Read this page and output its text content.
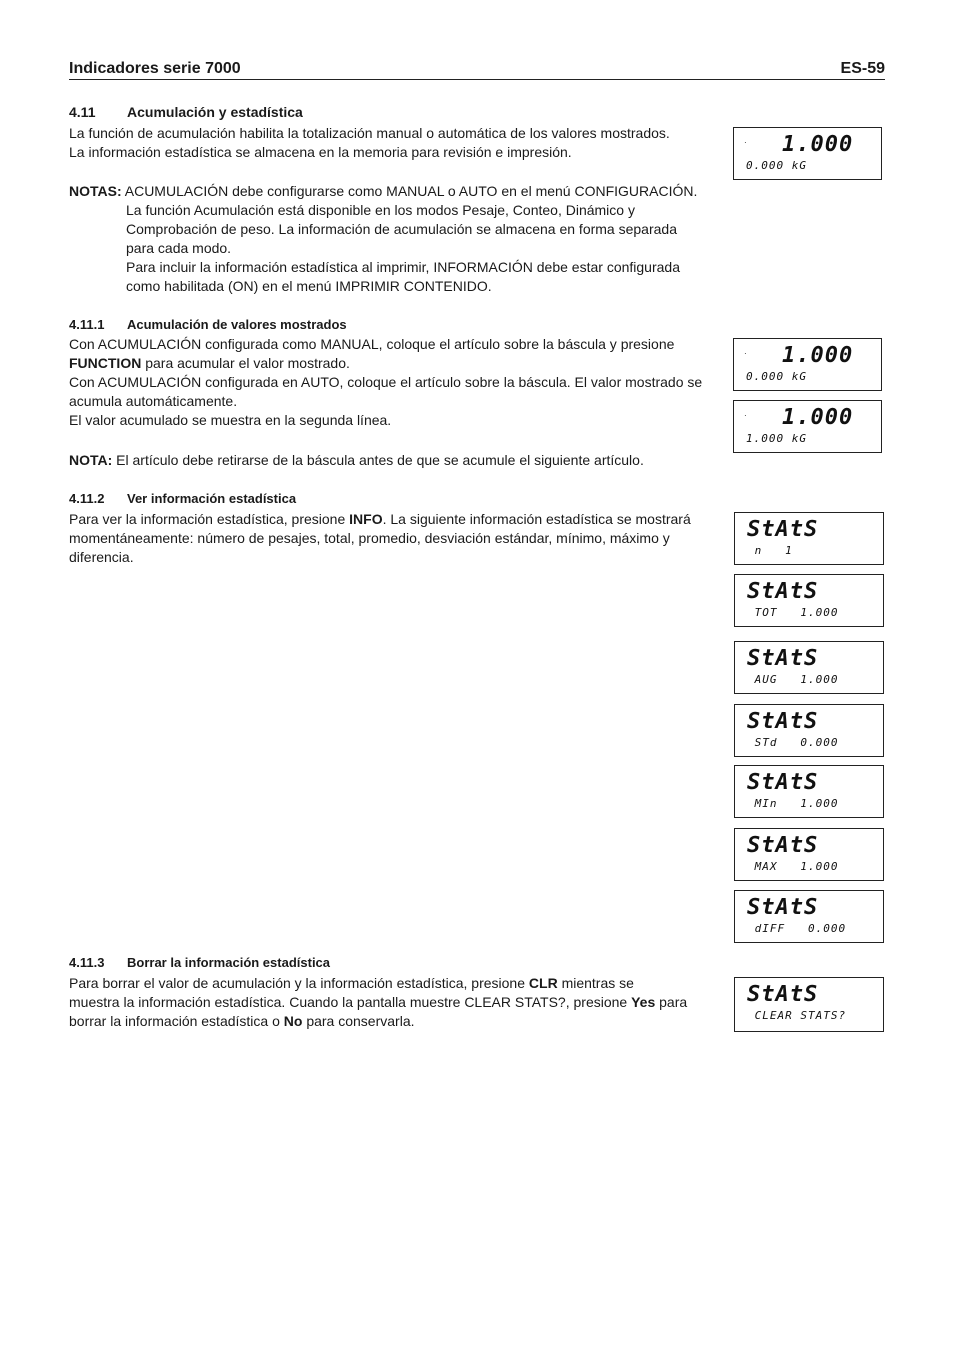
Indicadores serie 7000	ES-59
4.11 Acumulación y estadística
La función de acumulación habilita la totalización manual o automática de los valores mostrados.
La información estadística se almacena en la memoria para revisión e impresión.
NOTAS: ACUMULACIÓN debe configurarse como MANUAL o AUTO en el menú CONFIGURACIÓN.
La función Acumulación está disponible en los modos Pesaje, Conteo, Dinámico y
Comprobación de peso. La información de acumulación se almacena en forma separada
para cada modo.
Para incluir la información estadística al imprimir, INFORMACIÓN debe estar configurada
como habilitada (ON) en el menú IMPRIMIR CONTENIDO.
4.11.1 Acumulación de valores mostrados
Con ACUMULACIÓN configurada como MANUAL, coloque el artículo sobre la báscula y presione
FUNCTION para acumular el valor mostrado.
Con ACUMULACIÓN configurada en AUTO, coloque el artículo sobre la báscula. El valor mostrado se
acumula automáticamente.
El valor acumulado se muestra en la segunda línea.
NOTA: El artículo debe retirarse de la báscula antes de que se acumule el siguiente artículo.
4.11.2 Ver información estadística
Para ver la información estadística, presione INFO. La siguiente información estadística se mostrará
momentáneamente: número de pesajes, total, promedio, desviación estándar, mínimo, máximo y
diferencia.
4.11.3 Borrar la información estadística
Para borrar el valor de acumulación y la información estadística, presione CLR mientras se
muestra la información estadística. Cuando la pantalla muestre CLEAR STATS?, presione Yes para
borrar la información estadística o No para conservarla.
· 1.000
0.000 kG
· 1.000
0.000 kG
· 1.000
1.000 kG
StAtS
n   1
StAtS
TOT   1.000
StAtS
AUG   1.000
StAtS
STd   0.000
StAtS
MIn   1.000
StAtS
MAX   1.000
StAtS
dIFF   0.000
StAtS
CLEAR STATS?
